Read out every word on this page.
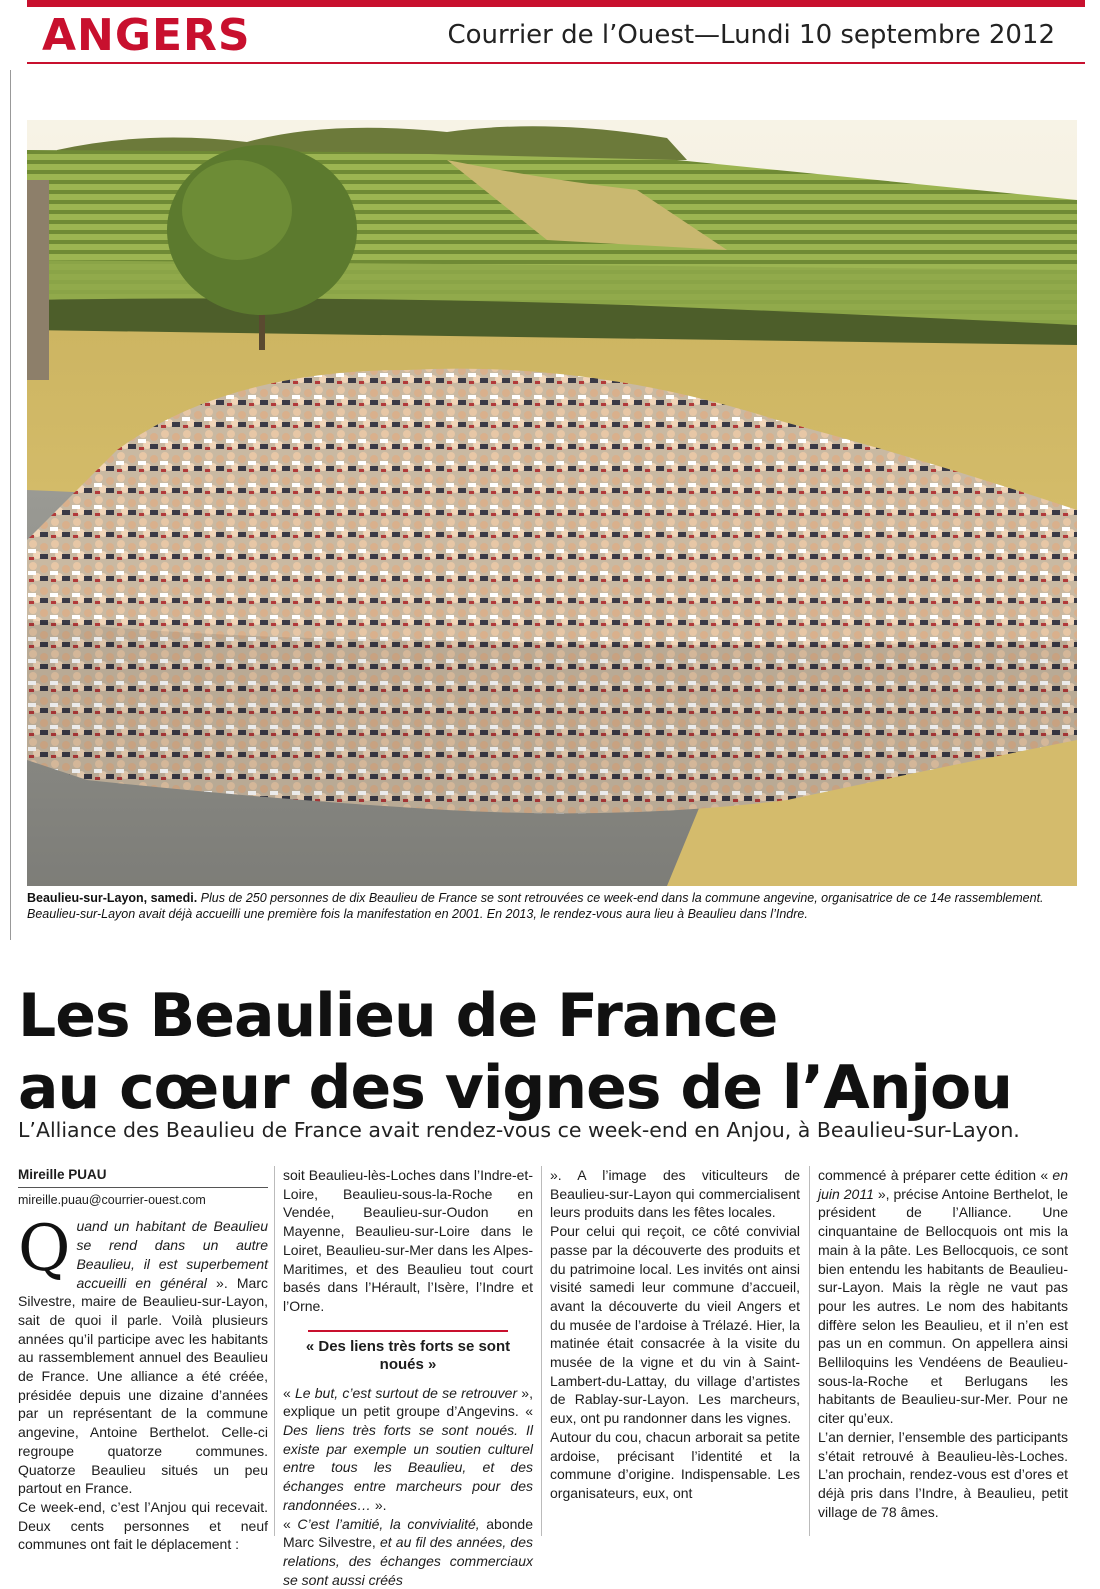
ANGERS	Courrier de l’Ouest—Lundi 10 septembre 2012
Beaulieu-sur-Layon, samedi. Plus de 250 personnes de dix Beaulieu de France se sont retrouvées ce week-end dans la commune angevine, organisatrice de ce 14e rassemblement. Beaulieu-sur-Layon avait déjà accueilli une première fois la manifestation en 2001. En 2013, le rendez-vous aura lieu à Beaulieu dans l’Indre.
Les Beaulieu de France
au cœur des vignes de l’Anjou
L’Alliance des Beaulieu de France avait rendez-vous ce week-end en Anjou, à Beaulieu-sur-Layon.
Mireille PUAU
mireille.puau@courrier-ouest.com

Quand un habitant de Beaulieu se rend dans un autre Beaulieu, il est superbement accueilli en général ». Marc Silvestre, maire de Beaulieu-sur-Layon, sait de quoi il parle. Voilà plusieurs années qu’il participe avec les habitants au rassemblement annuel des Beaulieu de France. Une alliance a été créée, présidée depuis une dizaine d’années par un représentant de la commune angevine, Antoine Berthelot. Celle-ci regroupe quatorze communes. Quatorze Beaulieu situés un peu partout en France.

Ce week-end, c’est l’Anjou qui recevait. Deux cents personnes et neuf communes ont fait le déplacement :

soit Beaulieu-lès-Loches dans l’Indre-et-Loire, Beaulieu-sous-la-Roche en Vendée, Beaulieu-sur-Oudon en Mayenne, Beaulieu-sur-Loire dans le Loiret, Beaulieu-sur-Mer dans les Alpes-Maritimes, et des Beaulieu tout court basés dans l’Hérault, l’Isère, l’Indre et l’Orne.

« Des liens très forts se sont noués »

« Le but, c’est surtout de se retrouver », explique un petit groupe d’Angevins. « Des liens très forts se sont noués. Il existe par exemple un soutien culturel entre tous les Beaulieu, et des échanges entre marcheurs pour des randonnées… ».

« C’est l’amitié, la convivialité, abonde Marc Silvestre, et au fil des années, des relations, des échanges commerciaux se sont aussi créés

». A l’image des viticulteurs de Beaulieu-sur-Layon qui commercialisent leurs produits dans les fêtes locales.

Pour celui qui reçoit, ce côté convivial passe par la découverte des produits et du patrimoine local. Les invités ont ainsi visité samedi leur commune d’accueil, avant la découverte du vieil Angers et du musée de l’ardoise à Trélazé. Hier, la matinée était consacrée à la visite du musée de la vigne et du vin à Saint-Lambert-du-Lattay, du village d’artistes de Rablay-sur-Layon. Les marcheurs, eux, ont pu randonner dans les vignes.

Autour du cou, chacun arborait sa petite ardoise, précisant l’identité et la commune d’origine. Indispensable. Les organisateurs, eux, ont

commencé à préparer cette édition « en juin 2011 », précise Antoine Berthelot, le président de l’Alliance. Une cinquantaine de Bellocquois ont mis la main à la pâte. Les Bellocquois, ce sont bien entendu les habitants de Beaulieu-sur-Layon. Mais la règle ne vaut pas pour les autres. Le nom des habitants diffère selon les Beaulieu, et il n’en est pas un en commun. On appellera ainsi Belliloquins les Vendéens de Beaulieu-sous-la-Roche et Berlugans les habitants de Beaulieu-sur-Mer. Pour ne citer qu’eux.

L’an dernier, l’ensemble des participants s’était retrouvé à Beaulieu-lès-Loches. L’an prochain, rendez-vous est d’ores et déjà pris dans l’Indre, à Beaulieu, petit village de 78 âmes.
